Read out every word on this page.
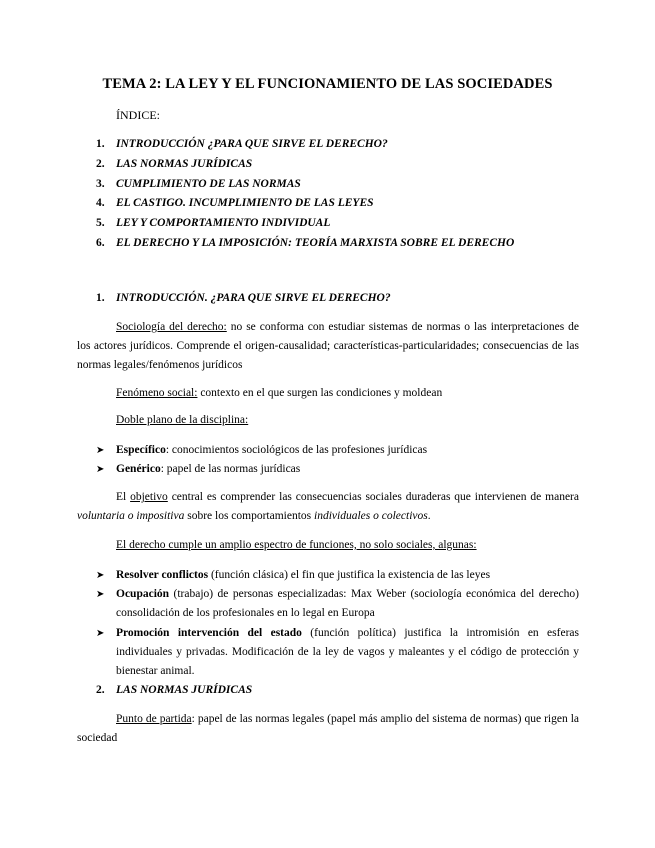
TEMA 2: LA LEY Y EL FUNCIONAMIENTO DE LAS SOCIEDADES
ÍNDICE:
1. INTRODUCCIÓN ¿PARA QUE SIRVE EL DERECHO?
2. LAS NORMAS JURÍDICAS
3. CUMPLIMIENTO DE LAS NORMAS
4. EL CASTIGO. INCUMPLIMIENTO DE LAS LEYES
5. LEY Y COMPORTAMIENTO INDIVIDUAL
6. EL DERECHO Y LA IMPOSICIÓN: TEORÍA MARXISTA SOBRE EL DERECHO
1. INTRODUCCIÓN. ¿PARA QUE SIRVE EL DERECHO?
Sociología del derecho: no se conforma con estudiar sistemas de normas o las interpretaciones de los actores jurídicos. Comprende el origen-causalidad; características-particularidades; consecuencias de las normas legales/fenómenos jurídicos
Fenómeno social: contexto en el que surgen las condiciones y moldean
Doble plano de la disciplina:
➤ Específico: conocimientos sociológicos de las profesiones jurídicas
➤ Genérico: papel de las normas jurídicas
El objetivo central es comprender las consecuencias sociales duraderas que intervienen de manera voluntaria o impositiva sobre los comportamientos individuales o colectivos.
El derecho cumple un amplio espectro de funciones, no solo sociales, algunas:
➤ Resolver conflictos (función clásica) el fin que justifica la existencia de las leyes
➤ Ocupación (trabajo) de personas especializadas: Max Weber (sociología económica del derecho) consolidación de los profesionales en lo legal en Europa
➤ Promoción intervención del estado (función política) justifica la intromisión en esferas individuales y privadas. Modificación de la ley de vagos y maleantes y el código de protección y bienestar animal.
2. LAS NORMAS JURÍDICAS
Punto de partida: papel de las normas legales (papel más amplio del sistema de normas) que rigen la sociedad
